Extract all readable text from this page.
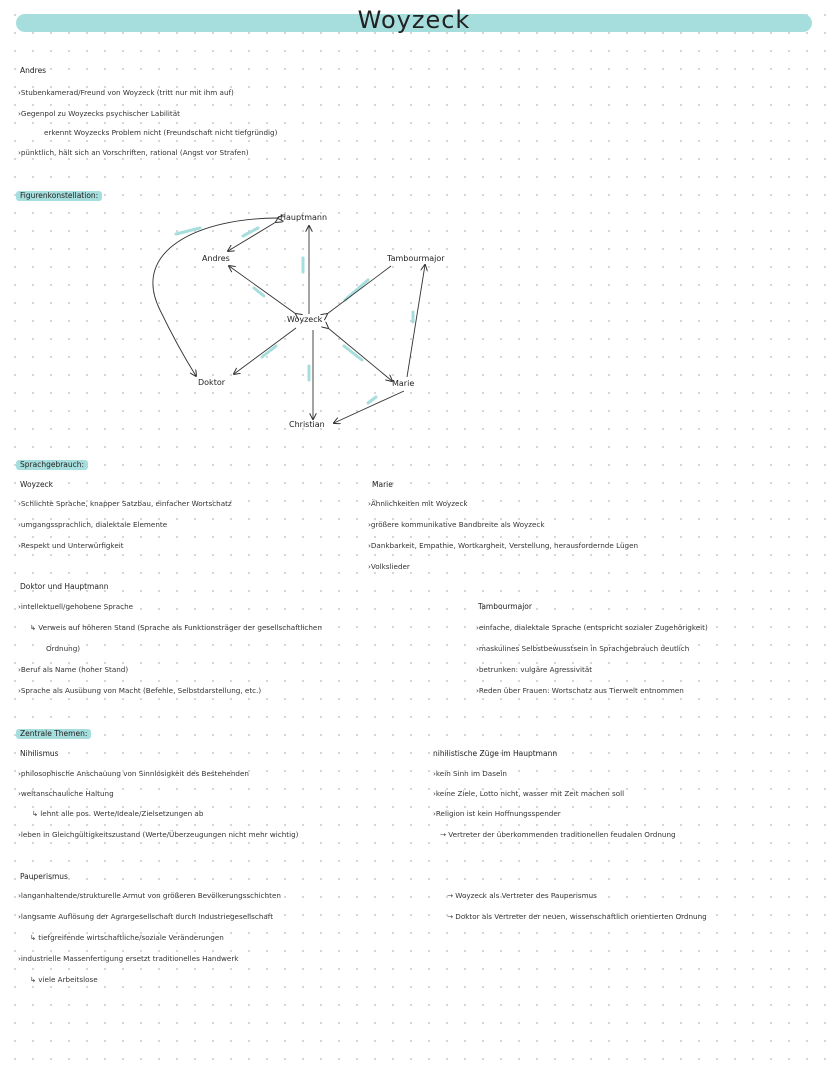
Woyzeck
Andres
›Stubenkamerad/Freund von Woyzeck (tritt nur mit ihm auf)
›Gegenpol zu Woyzecks psychischer Labilität
erkennt Woyzecks Problem nicht (Freundschaft nicht tiefgründig)
›pünktlich, hält sich an Vorschriften, rational (Angst vor Strafen)
Figurenkonstellation:
Hauptmann
Andres	Tambourmajor
Woyzeck
Doktor	Marie
Christian
Sprachgebrauch:
Woyzeck
›Schlichte Sprache, knapper Satzbau, einfacher Wortschatz
›umgangssprachlich, dialektale Elemente
›Respekt und Unterwürfigkeit
Marie
›Ähnlichkeiten mit Woyzeck
›größere kommunikative Bandbreite als Woyzeck
›Dankbarkeit, Empathie, Wortkargheit, Verstellung, herausfordernde Lügen
›Volkslieder
Doktor und Hauptmann
›intellektuell/gehobene Sprache
↳ Verweis auf höheren Stand (Sprache als Funktionsträger der gesellschaftlichen
Ordnung)
›Beruf als Name (hoher Stand)
›Sprache als Ausübung von Macht (Befehle, Selbstdarstellung, etc.)
Tambourmajor
›einfache, dialektale Sprache (entspricht sozialer Zugehörigkeit)
›maskulines Selbstbewusstsein in Sprachgebrauch deutlich
›betrunken: vulgäre Agressivität
›Reden über Frauen: Wortschatz aus Tierwelt entnommen
Zentrale Themen:
Nihilismus
›philosophische Anschauung von Sinnlosigkeit des Bestehenden
›weltanschauliche Haltung
↳ lehnt alle pos. Werte/Ideale/Zielsetzungen ab
›leben in Gleichgültigkeitszustand (Werte/Überzeugungen nicht mehr wichtig)
nihilistische Züge im Hauptmann
›kein Sinn im Dasein
›keine Ziele, Lotto nicht, wasser mit Zeit machen soll
›Religion ist kein Hoffnungsspender
→ Vertreter der überkommenden traditionellen feudalen Ordnung
Pauperismus
›langanhaltende/strukturelle Armut von größeren Bevölkerungsschichten
›langsame Auflösung der Agrargesellschaft durch Industriegesellschaft
↳ tiefgreifende wirtschaftliche/soziale Veränderungen
›industrielle Massenfertigung ersetzt traditionelles Handwerk
↳ viele Arbeitslose
→ Woyzeck als Vertreter des Pauperismus
→ Doktor als Vertreter der neuen, wissenschaftlich orientierten Ordnung
